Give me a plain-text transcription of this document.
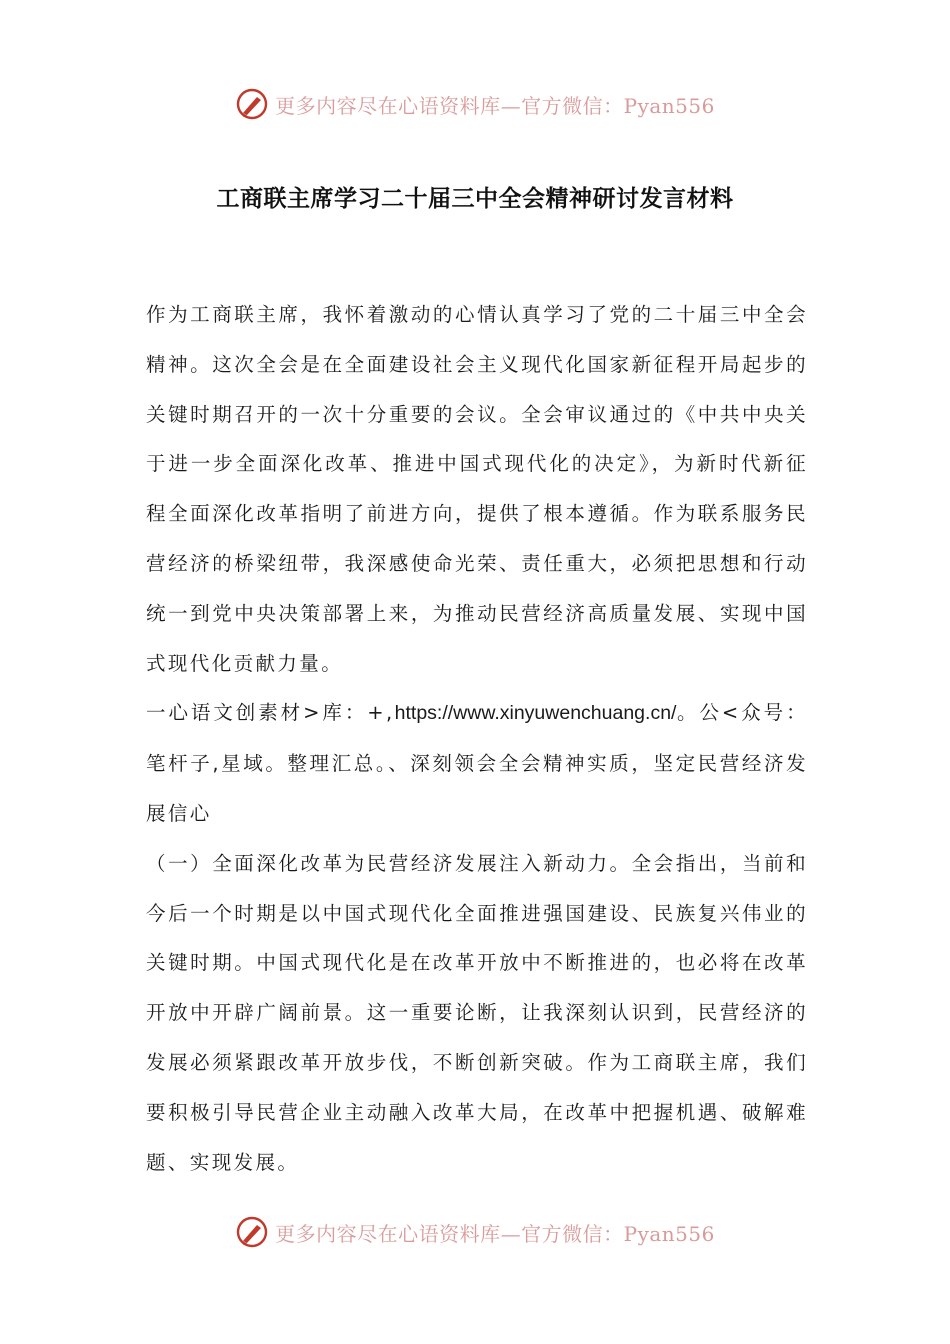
更多内容尽在心语资料库—官方微信：Pyan556
工商联主席学习二十届三中全会精神研讨发言材料

作为工商联主席，我怀着激动的心情认真学习了党的二十届三中全会精神。这次全会是在全面建设社会主义现代化国家新征程开局起步的关键时期召开的一次十分重要的会议。全会审议通过的《中共中央关于进一步全面深化改革、推进中国式现代化的决定》，为新时代新征程全面深化改革指明了前进方向，提供了根本遵循。作为联系服务民营经济的桥梁纽带，我深感使命光荣、责任重大，必须把思想和行动统一到党中央决策部署上来，为推动民营经济高质量发展、实现中国式现代化贡献力量。

一心语文创素材>库：+,https://www.xinyuwenchuang.cn/。公<众号：笔杆子,星域。整理汇总。、深刻领会全会精神实质，坚定民营经济发展信心

（一）全面深化改革为民营经济发展注入新动力。全会指出，当前和今后一个时期是以中国式现代化全面推进强国建设、民族复兴伟业的关键时期。中国式现代化是在改革开放中不断推进的，也必将在改革开放中开辟广阔前景。这一重要论断，让我深刻认识到，民营经济的发展必须紧跟改革开放步伐，不断创新突破。作为工商联主席，我们要积极引导民营企业主动融入改革大局，在改革中把握机遇、破解难题、实现发展。

更多内容尽在心语资料库—官方微信：Pyan556
